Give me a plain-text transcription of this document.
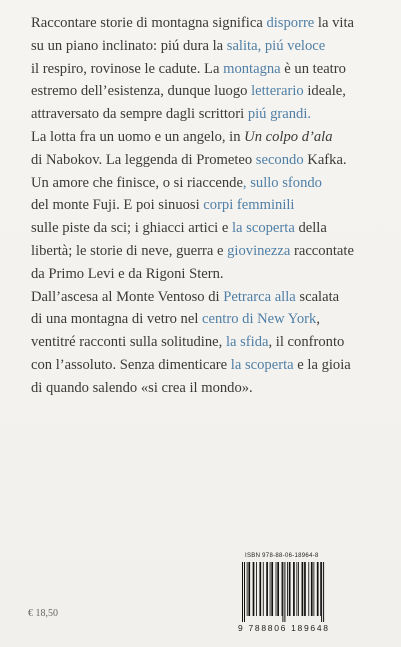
Raccontare storie di montagna significa disporre la vita
su un piano inclinato: piú dura la salita, piú veloce
il respiro, rovinose le cadute. La montagna è un teatro
estremo dell’esistenza, dunque luogo letterario ideale,
attraversato da sempre dagli scrittori piú grandi.
La lotta fra un uomo e un angelo, in Un colpo d’ala
di Nabokov. La leggenda di Prometeo secondo Kafka.
Un amore che finisce, o si riaccende, sullo sfondo
del monte Fuji. E poi sinuosi corpi femminili
sulle piste da sci; i ghiacci artici e la scoperta della
libertà; le storie di neve, guerra e giovinezza raccontate
da Primo Levi e da Rigoni Stern.
Dall’ascesa al Monte Ventoso di Petrarca alla scalata
di una montagna di vetro nel centro di New York,
ventitré racconti sulla solitudine, la sfida, il confronto
con l’assoluto. Senza dimenticare la scoperta e la gioia
di quando salendo «si crea il mondo».

ISBN 978-88-06-18964-8
9 788806 189648
€ 18,50
